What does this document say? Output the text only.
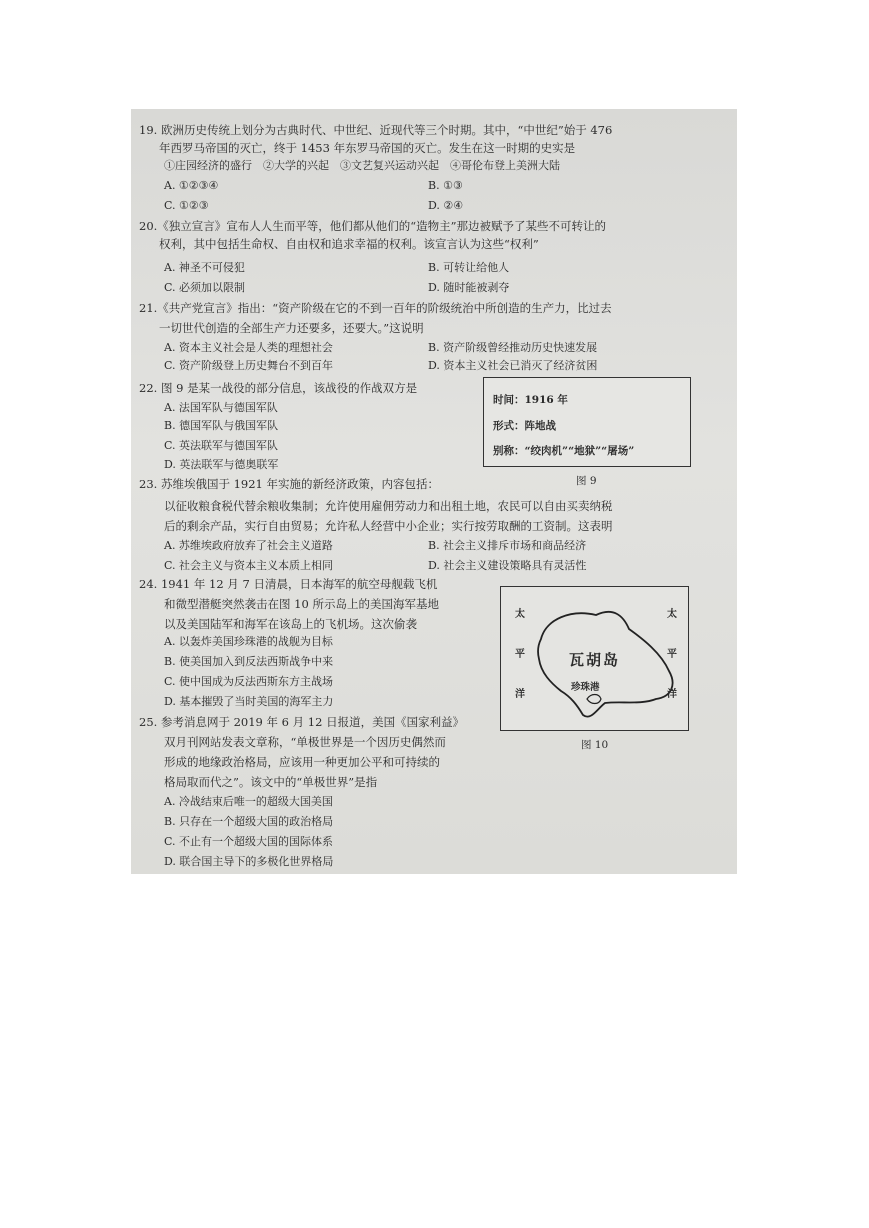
19. 欧洲历史传统上划分为古典时代、中世纪、近现代等三个时期。其中，“中世纪”始于 476
年西罗马帝国的灭亡，终于 1453 年东罗马帝国的灭亡。发生在这一时期的史实是
①庄园经济的盛行　②大学的兴起　③文艺复兴运动兴起　④哥伦布登上美洲大陆
A. ①②③④	B. ①③
C. ①②③	D. ②④
20.《独立宣言》宣布人人生而平等，他们都从他们的“造物主”那边被赋予了某些不可转让的
权利，其中包括生命权、自由权和追求幸福的权利。该宣言认为这些“权利”
A. 神圣不可侵犯	B. 可转让给他人
C. 必须加以限制	D. 随时能被剥夺
21.《共产党宣言》指出：“资产阶级在它的不到一百年的阶级统治中所创造的生产力，比过去
一切世代创造的全部生产力还要多，还要大。”这说明
A. 资本主义社会是人类的理想社会	B. 资产阶级曾经推动历史快速发展
C. 资产阶级登上历史舞台不到百年	D. 资本主义社会已消灭了经济贫困
22. 图 9 是某一战役的部分信息，该战役的作战双方是
A. 法国军队与德国军队
B. 德国军队与俄国军队
C. 英法联军与德国军队
D. 英法联军与德奥联军
时间：1916 年
形式：阵地战
别称：“绞肉机”“地狱”“屠场”
图 9
23. 苏维埃俄国于 1921 年实施的新经济政策，内容包括：
以征收粮食税代替余粮收集制；允许使用雇佣劳动力和出租土地，农民可以自由买卖纳税
后的剩余产品，实行自由贸易；允许私人经营中小企业；实行按劳取酬的工资制。这表明
A. 苏维埃政府放弃了社会主义道路	B. 社会主义排斥市场和商品经济
C. 社会主义与资本主义本质上相同	D. 社会主义建设策略具有灵活性
24. 1941 年 12 月 7 日清晨，日本海军的航空母舰载飞机
和微型潜艇突然袭击在图 10 所示岛上的美国海军基地
以及美国陆军和海军在该岛上的飞机场。这次偷袭
A. 以轰炸美国珍珠港的战舰为目标
B. 使美国加入到反法西斯战争中来
C. 使中国成为反法西斯东方主战场
D. 基本摧毁了当时美国的海军主力
太
平
洋
太
平
洋
瓦胡岛
珍珠港
图 10
25. 参考消息网于 2019 年 6 月 12 日报道，美国《国家利益》
双月刊网站发表文章称，“单极世界是一个因历史偶然而
形成的地缘政治格局，应该用一种更加公平和可持续的
格局取而代之”。该文中的“单极世界”是指
A. 冷战结束后唯一的超级大国美国
B. 只存在一个超级大国的政治格局
C. 不止有一个超级大国的国际体系
D. 联合国主导下的多极化世界格局
